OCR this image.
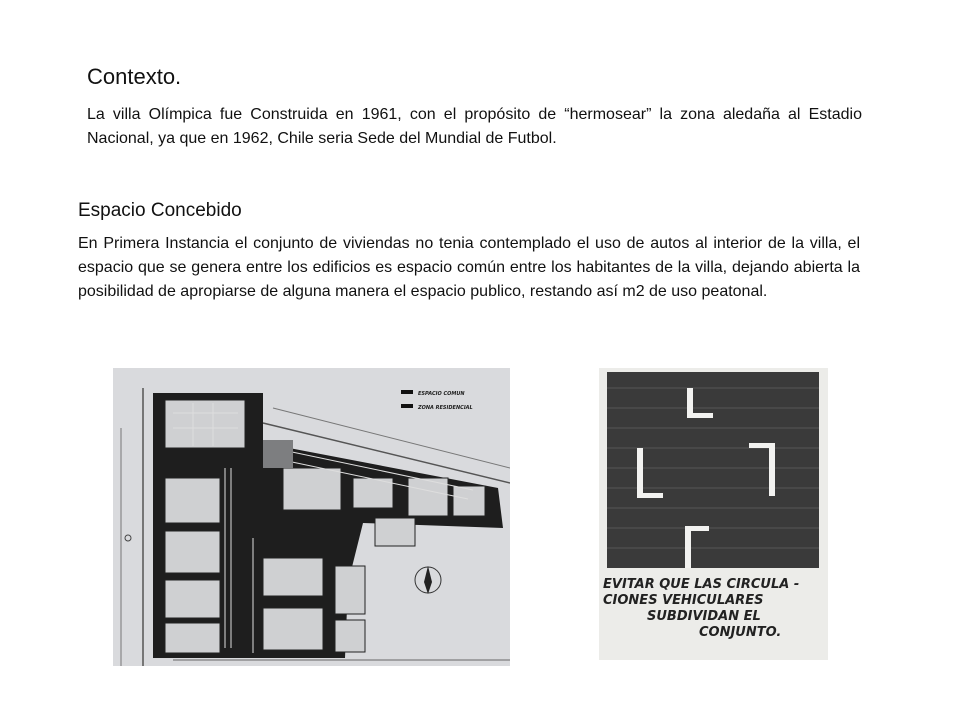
Contexto.

La villa Olímpica fue Construida en 1961, con el propósito de “hermosear” la zona aledaña al Estadio Nacional, ya que en 1962, Chile seria Sede del Mundial de Futbol.

Espacio Concebido

En Primera Instancia el conjunto de viviendas no tenia contemplado el uso de autos al interior de la villa, el espacio que se genera entre los edificios es espacio común entre los habitantes de la villa, dejando abierta la posibilidad de apropiarse de alguna manera el espacio publico, restando así m2 de uso peatonal.

ESPACIO COMUN
ZONA RESIDENCIAL
EVITAR QUE LAS CIRCULA -
CIONES VEHICULARES
SUBDIVIDAN EL
CONJUNTO.
